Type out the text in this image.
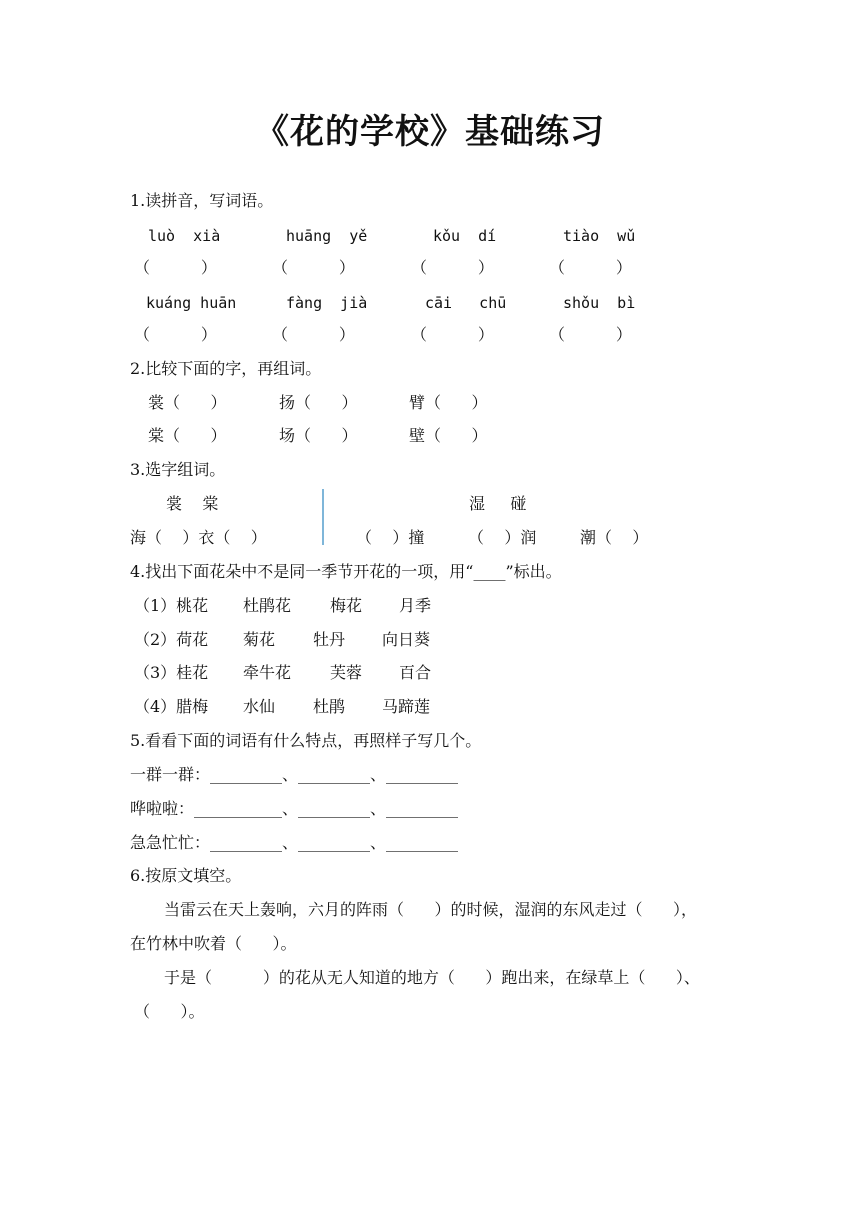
《花的学校》基础练习
1.读拼音，写词语。
luò  xià	huāng  yě	kǒu  dí	tiào  wǔ
（          ）	（          ）	（          ）	（          ）
kuáng huān	fàng  jià	cāi   chū	shǒu  bì
（          ）	（          ）	（          ）	（          ）
2.比较下面的字，再组词。
裳（      ）	扬（      ）	臂（      ）
棠（      ）	场（      ）	壁（      ）
3.选字组词。
裳    棠
海（    ）衣（    ）
湿     碰
（    ）撞	（    ）润	潮（    ）
4.找出下面花朵中不是同一季节开花的一项，用“____”标出。
（1）桃花 杜鹃花 梅花 月季
（2）荷花 菊花 牡丹 向日葵
（3）桂花 牵牛花 芙蓉 百合
（4）腊梅 水仙 杜鹃 马蹄莲
5.看看下面的词语有什么特点，再照样子写几个。
一群一群：_________、_________、_________
哗啦啦：___________、_________、_________
急急忙忙：_________、_________、_________
6.按原文填空。
当雷云在天上轰响，六月的阵雨（      ）的时候，湿润的东风走过（      ），
在竹林中吹着（      ）。
于是（          ）的花从无人知道的地方（      ）跑出来，在绿草上（      ）、
（      ）。
